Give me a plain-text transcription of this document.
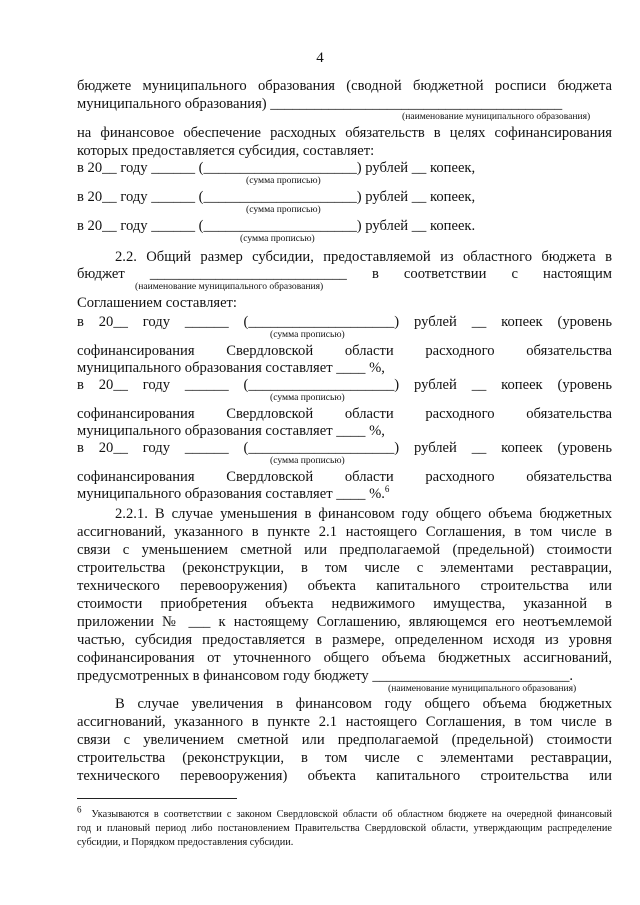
4
бюджете муниципального образования (сводной бюджетной росписи бюджета
муниципального образования) ________________________________________
(наименование муниципального образования)
на финансовое обеспечение расходных обязательств в целях софинансирования
которых предоставляется субсидия, составляет:
в 20__ году ______ (_____________________) рублей __ копеек,
(сумма прописью)
в 20__ году ______ (_____________________) рублей __ копеек,
(сумма прописью)
в 20__ году ______ (_____________________) рублей __ копеек.
(сумма прописью)
2.2. Общий размер субсидии, предоставляемой из областного бюджета в
бюджет ___________________________ в соответствии с настоящим
(наименование муниципального образования)
Соглашением составляет:
в 20__ году ______ (____________________) рублей __ копеек (уровень
(сумма прописью)
софинансирования Свердловской области расходного обязательства
муниципального образования составляет ____ %,
в 20__ году ______ (____________________) рублей __ копеек (уровень
(сумма прописью)
софинансирования Свердловской области расходного обязательства
муниципального образования составляет ____ %,
в 20__ году ______ (____________________) рублей __ копеек (уровень
(сумма прописью)
софинансирования Свердловской области расходного обязательства
муниципального образования составляет ____ %.$^6$
2.2.1. В случае уменьшения в финансовом году общего объема бюджетных
ассигнований, указанного в пункте 2.1 настоящего Соглашения, в том числе в
связи с уменьшением сметной или предполагаемой (предельной) стоимости
строительства (реконструкции, в том числе с элементами реставрации,
технического перевооружения) объекта капитального строительства или
стоимости приобретения объекта недвижимого имущества, указанной в
приложении № ___ к настоящему Соглашению, являющемся его неотъемлемой
частью, субсидия предоставляется в размере, определенном исходя из уровня
софинансирования от уточненного общего объема бюджетных ассигнований,
предусмотренных в финансовом году бюджету ___________________________.
(наименование муниципального образования)
В случае увеличения в финансовом году общего объема бюджетных
ассигнований, указанного в пункте 2.1 настоящего Соглашения, в том числе в
связи с увеличением сметной или предполагаемой (предельной) стоимости
строительства (реконструкции, в том числе с элементами реставрации,
технического перевооружения) объекта капитального строительства или
$^6$ Указываются в соответствии с законом Свердловской области об областном бюджете на очередной финансовый
год и плановый период либо постановлением Правительства Свердловской области, утверждающим распределение
субсидии, и Порядком предоставления субсидии.
